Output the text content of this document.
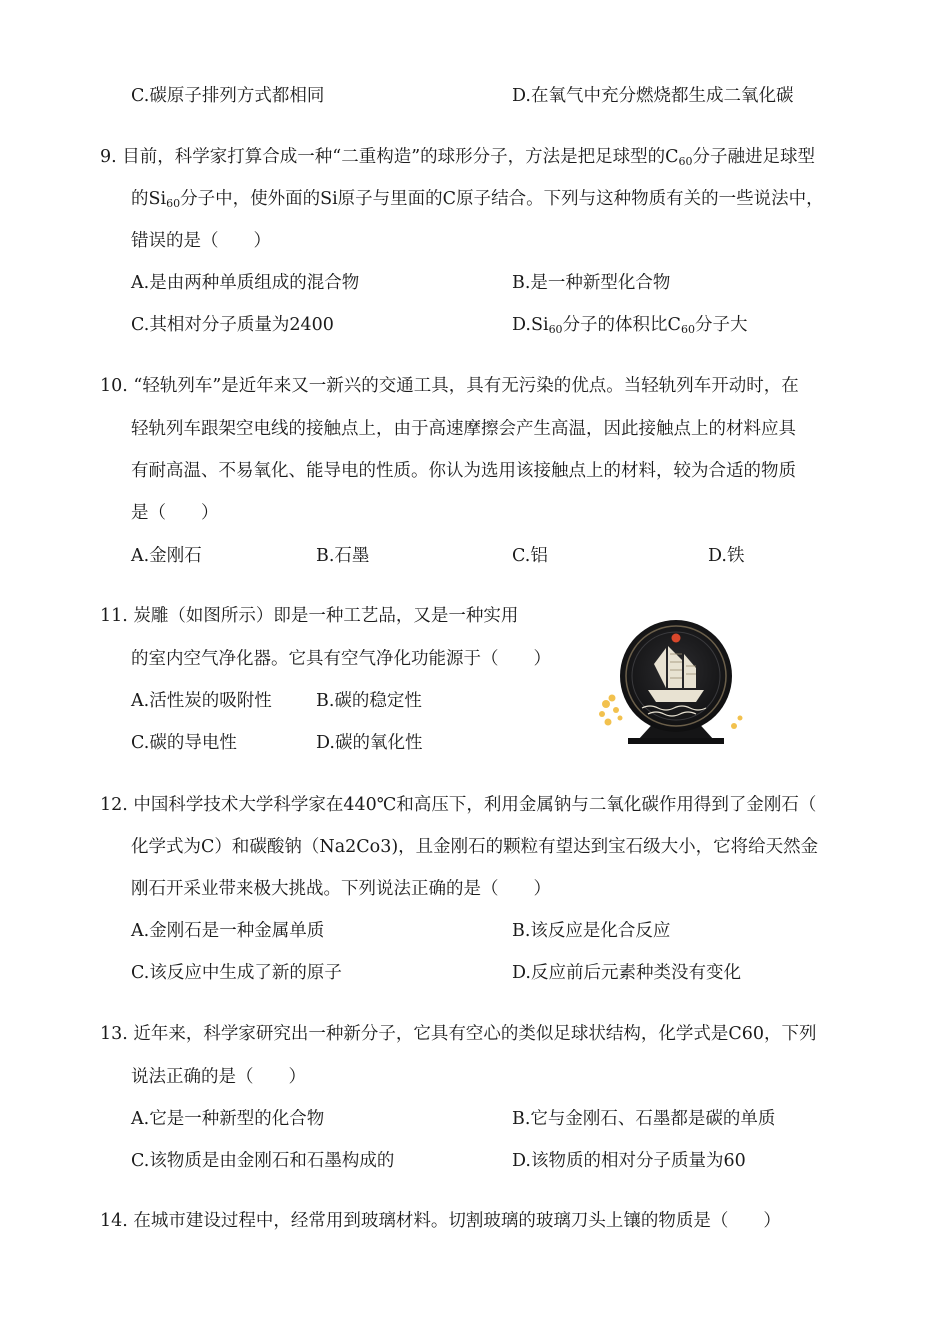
C.碳原子排列方式都相同	D.在氧气中充分燃烧都生成二氧化碳
9. 目前，科学家打算合成一种“二重构造”的球形分子，方法是把足球型的$C_{60}$分子融进足球型
的$Si_{60}$分子中，使外面的Si原子与里面的C原子结合。下列与这种物质有关的一些说法中，
错误的是（　　）
A.是由两种单质组成的混合物	B.是一种新型化合物
C.其相对分子质量为2400	$D.Si_{60}$分子的体积比$C_{60}$分子大
10. “轻轨列车”是近年来又一新兴的交通工具，具有无污染的优点。当轻轨列车开动时，在
轻轨列车跟架空电线的接触点上，由于高速摩擦会产生高温，因此接触点上的材料应具
有耐高温、不易氧化、能导电的性质。你认为选用该接触点上的材料，较为合适的物质
是（　　）
A.金刚石	B.石墨	C.铝	D.铁
11. 炭雕（如图所示）即是一种工艺品，又是一种实用
的室内空气净化器。它具有空气净化功能源于（　　）
A.活性炭的吸附性	B.碳的稳定性
C.碳的导电性	D.碳的氧化性
12. 中国科学技术大学科学家在440℃和高压下，利用金属钠与二氧化碳作用得到了金刚石（
化学式为C）和碳酸钠（Na2Co3)，且金刚石的颗粒有望达到宝石级大小，它将给天然金
刚石开采业带来极大挑战。下列说法正确的是（　　）
A.金刚石是一种金属单质	B.该反应是化合反应
C.该反应中生成了新的原子	D.反应前后元素种类没有变化
13. 近年来，科学家研究出一种新分子，它具有空心的类似足球状结构，化学式是C60，下列
说法正确的是（　　）
A.它是一种新型的化合物	B.它与金刚石、石墨都是碳的单质
C.该物质是由金刚石和石墨构成的	D.该物质的相对分子质量为60
14. 在城市建设过程中，经常用到玻璃材料。切割玻璃的玻璃刀头上镶的物质是（　　）
